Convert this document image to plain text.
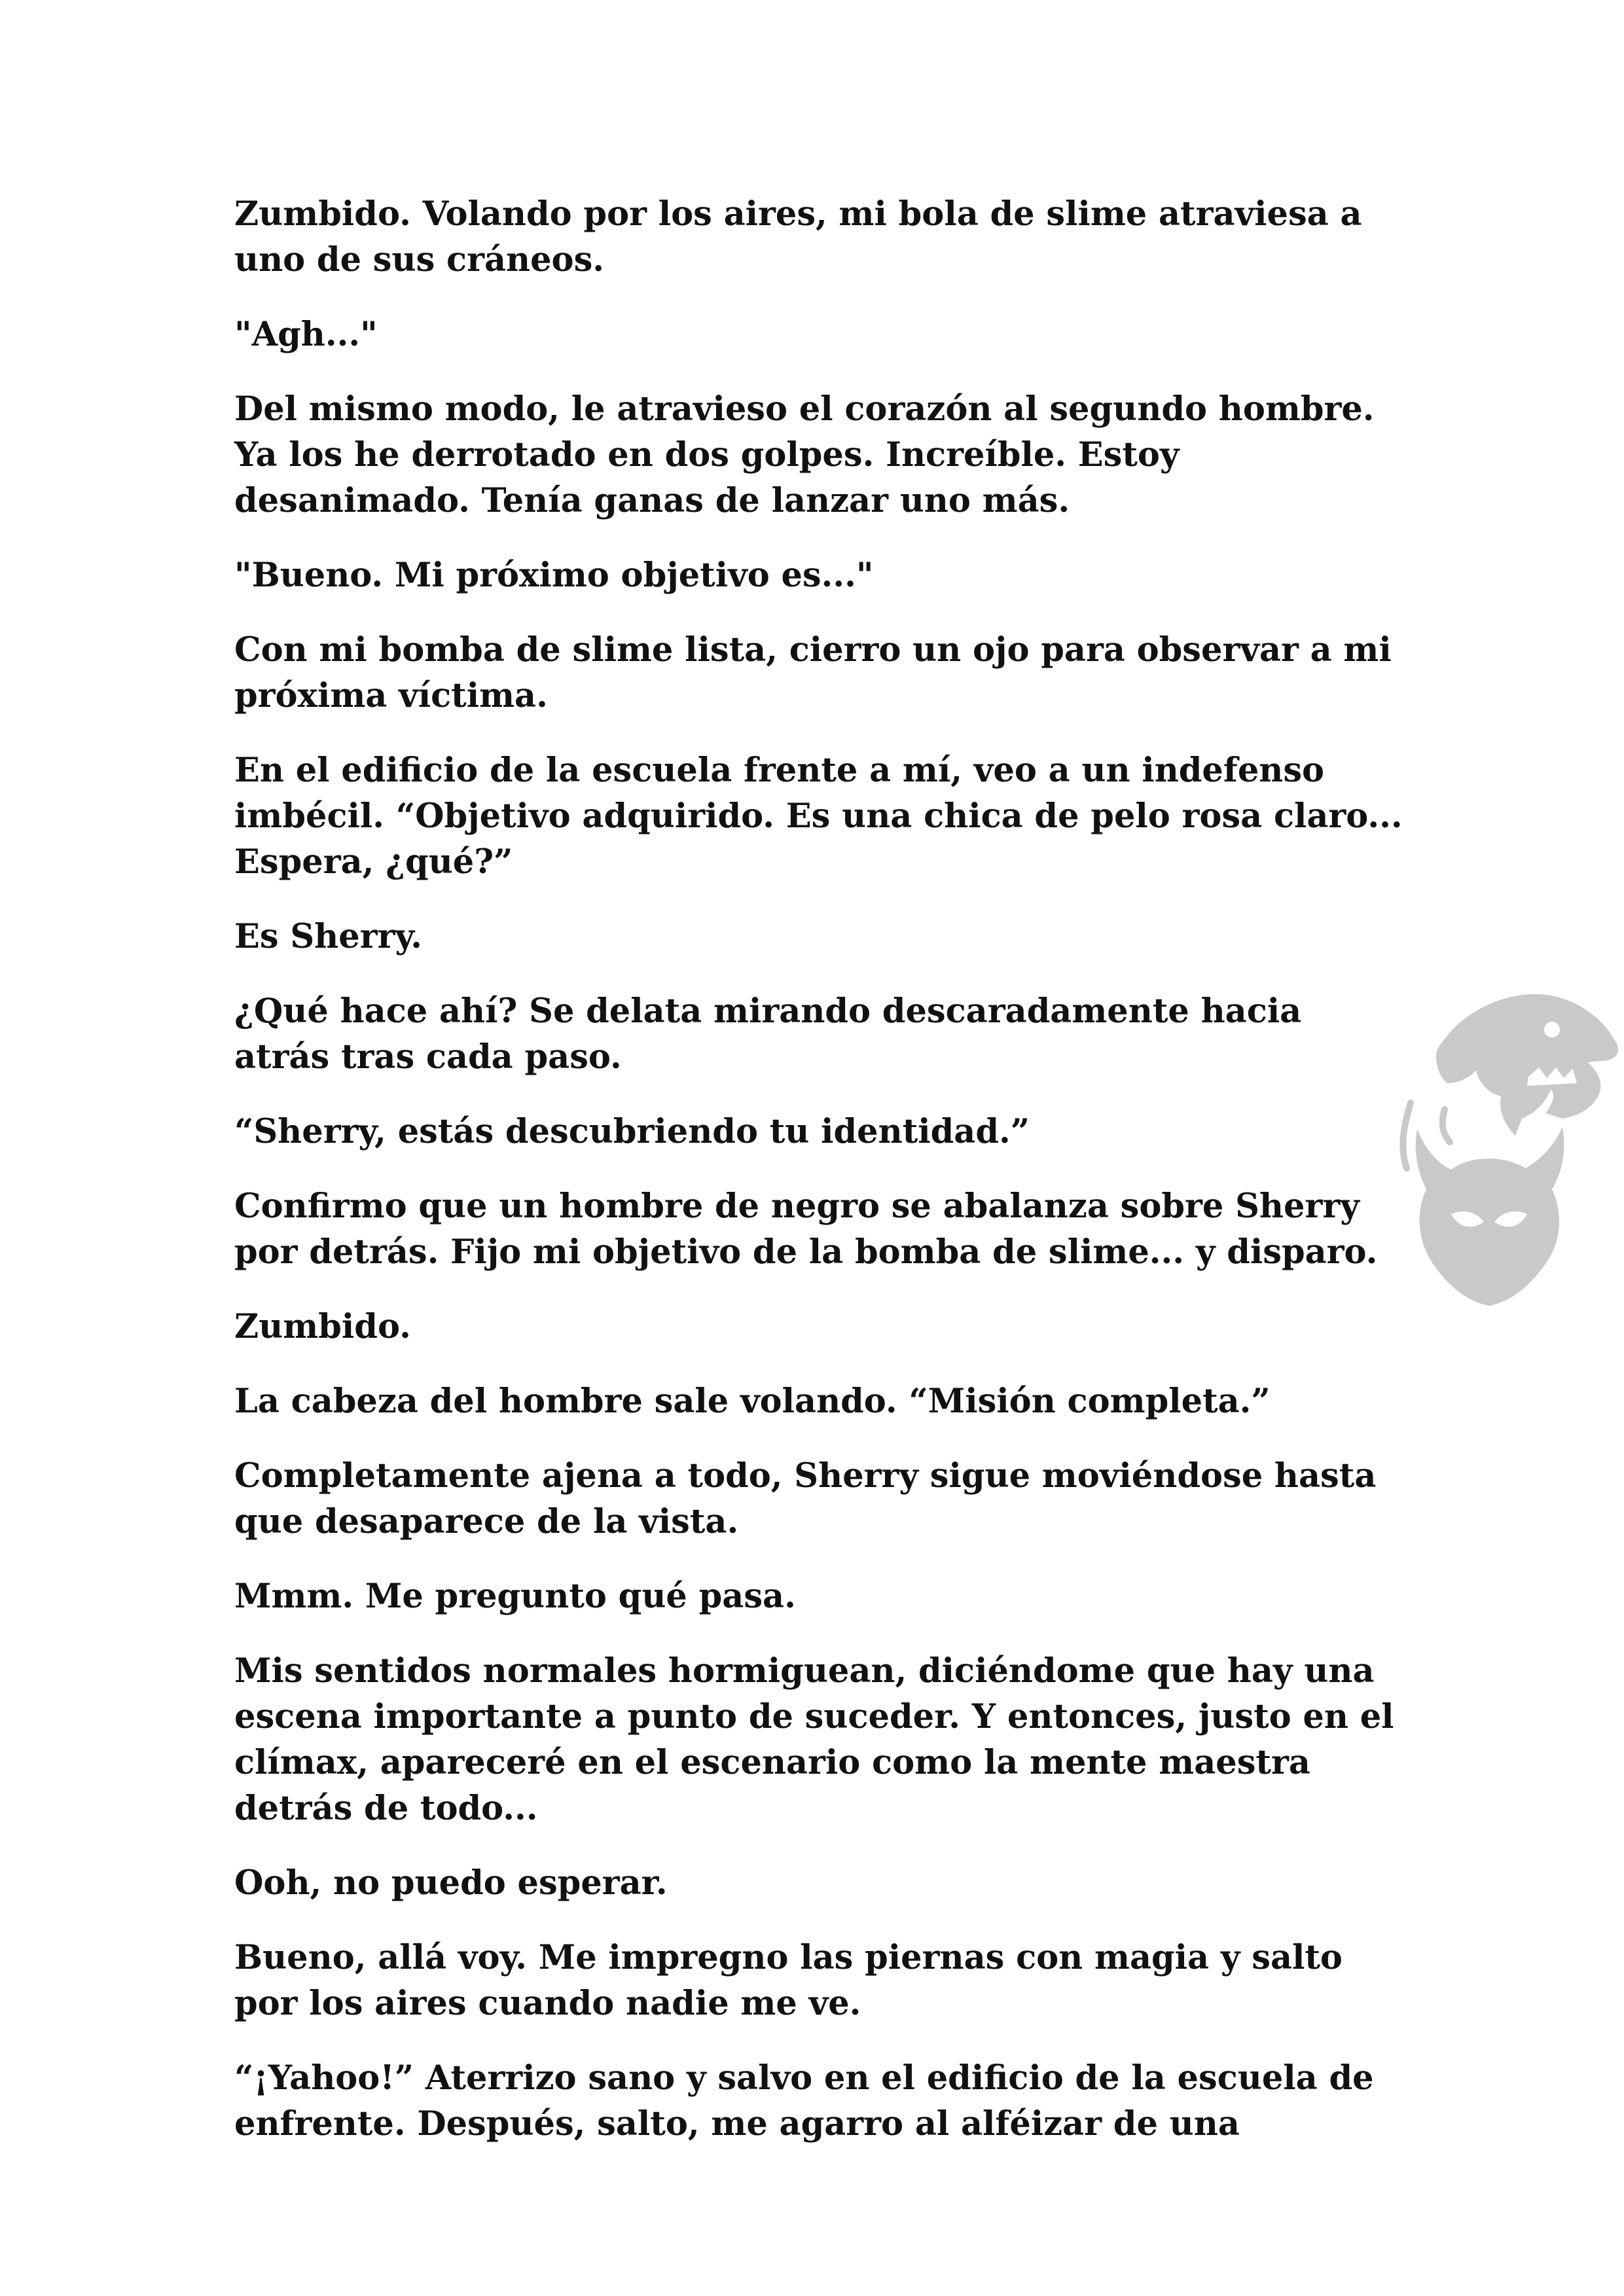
Zumbido. Volando por los aires, mi bola de slime atraviesa a uno de sus cráneos.

"Agh..."

Del mismo modo, le atravieso el corazón al segundo hombre. Ya los he derrotado en dos golpes. Increíble. Estoy desanimado. Tenía ganas de lanzar uno más.

"Bueno. Mi próximo objetivo es..."

Con mi bomba de slime lista, cierro un ojo para observar a mi próxima víctima.

En el edificio de la escuela frente a mí, veo a un indefenso imbécil. “Objetivo adquirido. Es una chica de pelo rosa claro... Espera, ¿qué?”

Es Sherry.

¿Qué hace ahí? Se delata mirando descaradamente hacia atrás tras cada paso.

“Sherry, estás descubriendo tu identidad.”

Confirmo que un hombre de negro se abalanza sobre Sherry por detrás. Fijo mi objetivo de la bomba de slime... y disparo.

Zumbido.

La cabeza del hombre sale volando. “Misión completa.”

Completamente ajena a todo, Sherry sigue moviéndose hasta que desaparece de la vista.

Mmm. Me pregunto qué pasa.

Mis sentidos normales hormiguean, diciéndome que hay una escena importante a punto de suceder. Y entonces, justo en el clímax, apareceré en el escenario como la mente maestra detrás de todo...

Ooh, no puedo esperar.

Bueno, allá voy. Me impregno las piernas con magia y salto por los aires cuando nadie me ve.

“¡Yahoo!” Aterrizo sano y salvo en el edificio de la escuela de enfrente. Después, salto, me agarro al alféizar de una
